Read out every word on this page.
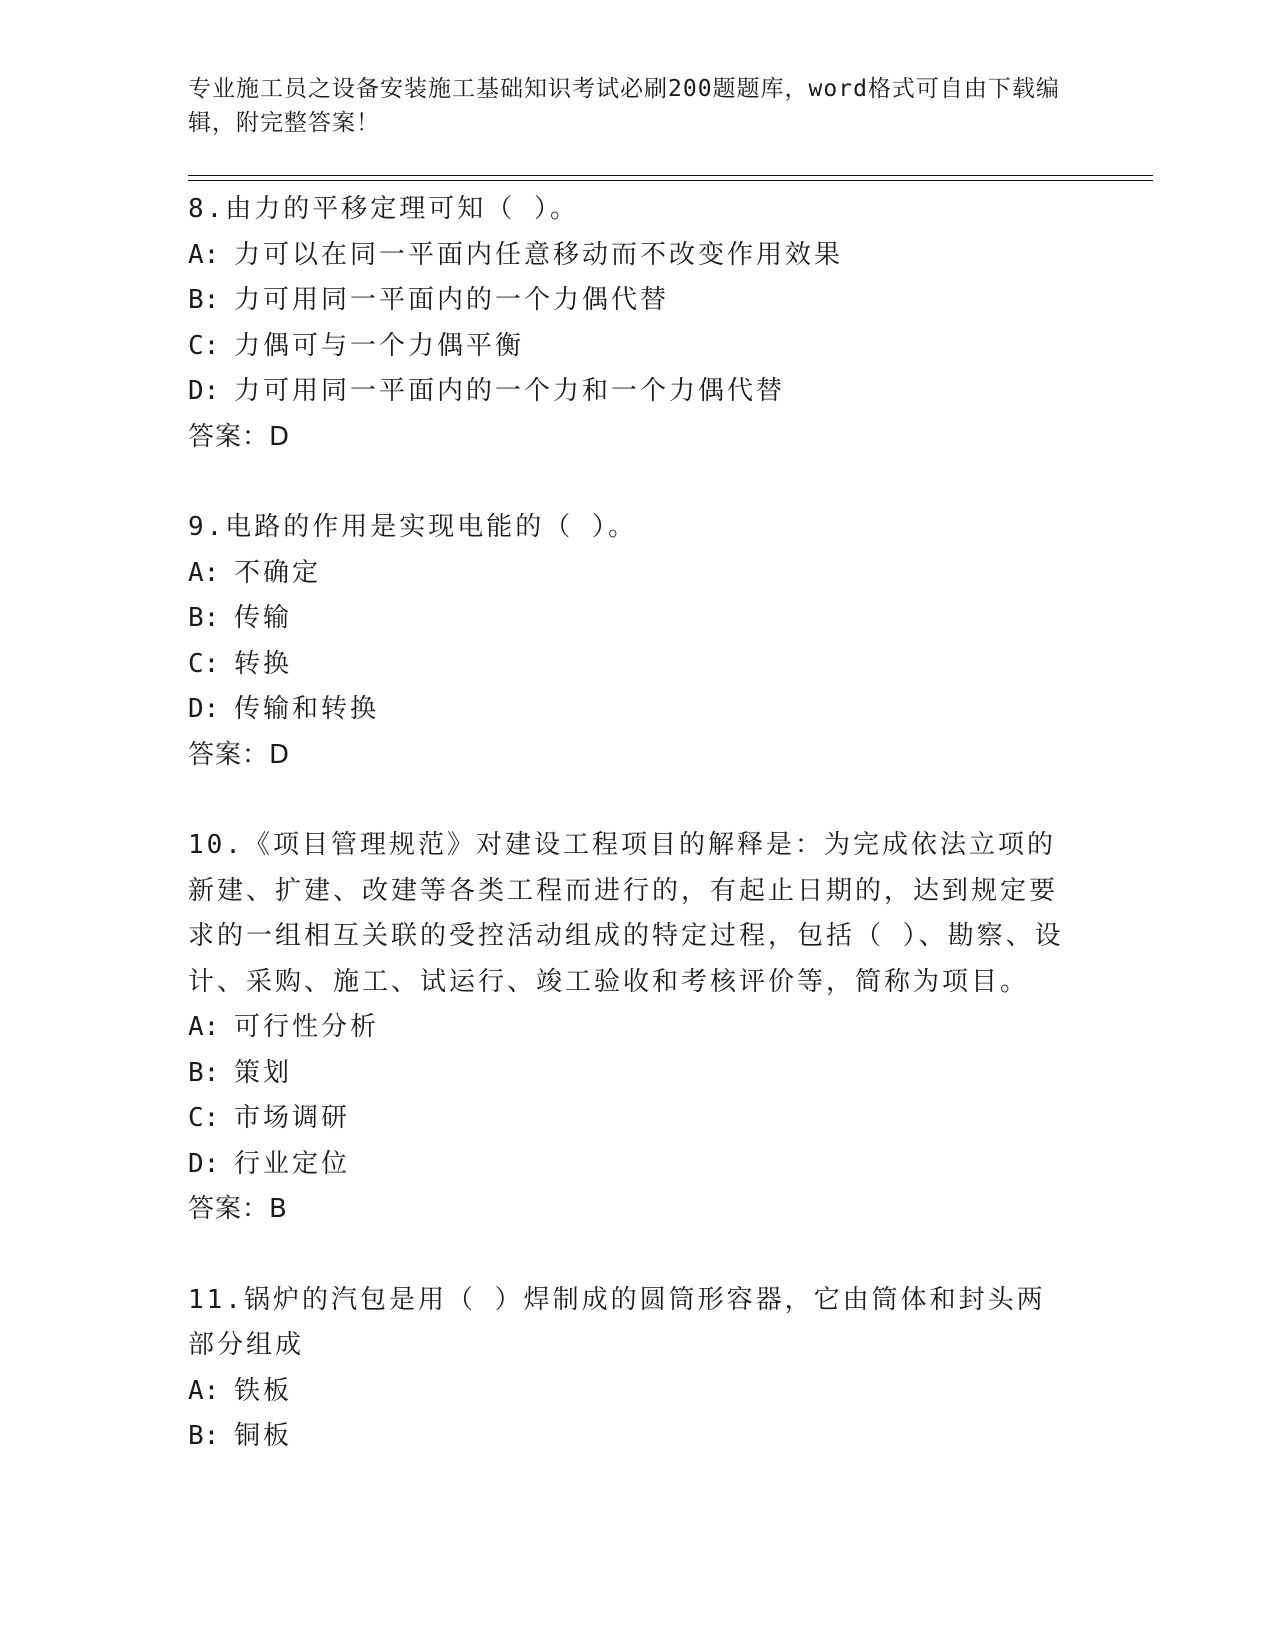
专业施工员之设备安装施工基础知识考试必刷200题题库，word格式可自由下载编辑，附完整答案！
8.由力的平移定理可知（ ）。
A: 力可以在同一平面内任意移动而不改变作用效果
B: 力可用同一平面内的一个力偶代替
C: 力偶可与一个力偶平衡
D: 力可用同一平面内的一个力和一个力偶代替
答案：D
9.电路的作用是实现电能的（ ）。
A: 不确定
B: 传输
C: 转换
D: 传输和转换
答案：D
10.《项目管理规范》对建设工程项目的解释是：为完成依法立项的新建、扩建、改建等各类工程而进行的，有起止日期的，达到规定要求的一组相互关联的受控活动组成的特定过程，包括（ ）、勘察、设计、采购、施工、试运行、竣工验收和考核评价等，简称为项目。
A: 可行性分析
B: 策划
C: 市场调研
D: 行业定位
答案：B
11.锅炉的汽包是用（ ）焊制成的圆筒形容器，它由筒体和封头两部分组成
A: 铁板
B: 铜板
